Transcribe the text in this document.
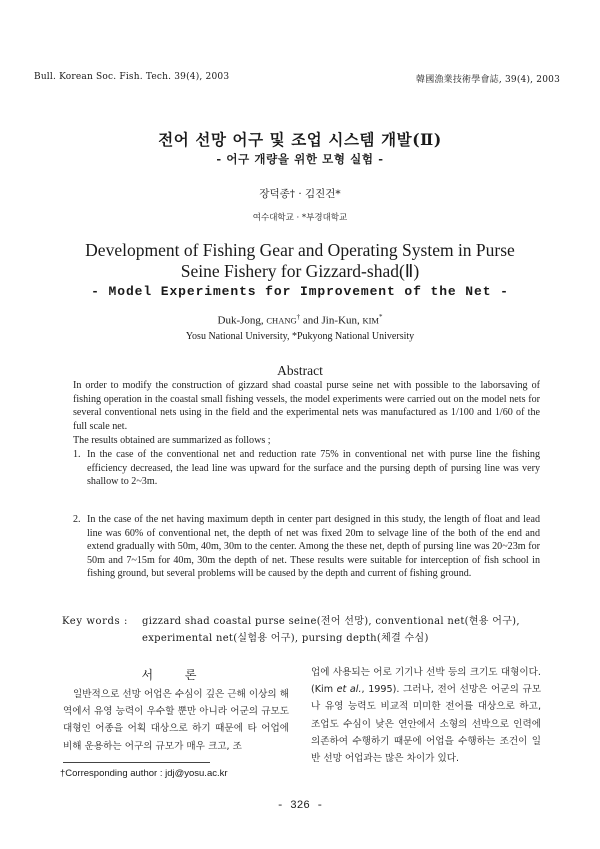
Bull. Korean Soc. Fish. Tech. 39(4), 2003	韓國漁業技術學會誌, 39(4), 2003
전어 선망 어구 및 조업 시스템 개발(Ⅱ)
- 어구 개량을 위한 모형 실험 -
장덕종† · 김진건*
여수대학교 · *부경대학교
Development of Fishing Gear and Operating System in Purse
Seine Fishery for Gizzard-shad(Ⅱ)
- Model Experiments for Improvement of the Net -
Duk-Jong, CHANG† and Jin-Kun, KIM*
Yosu National University, *Pukyong National University
Abstract
In order to modify the construction of gizzard shad coastal purse seine net with possible to the laborsaving of fishing operation in the coastal small fishing vessels, the model experiments were carried out on the model nets for several conventional nets using in the field and the experimental nets was manufactured as 1/100 and 1/60 of the full scale net.
The results obtained are summarized as follows ;
1. In the case of the conventional net and reduction rate 75% in conventional net with purse line the fishing efficiency decreased, the lead line was upward for the surface and the pursing depth of pursing line was very shallow to 2~3m.

2. In the case of the net having maximum depth in center part designed in this study, the length of float and lead line was 60% of conventional net, the depth of net was fixed 20m to selvage line of the both of the end and extend gradually with 50m, 40m, 30m to the center. Among the these net, depth of pursing line was 20~23m for 50m and 7~15m for 40m, 30m the depth of net. These results were suitable for interception of fish school in fishing ground, but several problems will be caused by the depth and current of fishing ground.

Key words : gizzard shad coastal purse seine(전어 선망), conventional net(현용 어구), experimental net(실험용 어구), pursing depth(체결 수심)

서 론
일반적으로 선망 어업은 수심이 깊은 근해 이상의 해역에서 유영 능력이 우수할 뿐만 아니라 어군의 규모도 대형인 어종을 어획 대상으로 하기 때문에 타 어업에 비해 운용하는 어구의 규모가 매우 크고, 조
업에 사용되는 어로 기기나 선박 등의 크기도 대형이다.(Kim et al., 1995). 그러나, 전어 선망은 어군의 규모나 유영 능력도 비교적 미미한 전어를 대상으로 하고, 조업도 수심이 낮은 연안에서 소형의 선박으로 인력에 의존하여 수행하기 때문에 어업을 수행하는 조건이 일반 선망 어업과는 많은 차이가 있다.
†Corresponding author : jdj@yosu.ac.kr
- 326 -
